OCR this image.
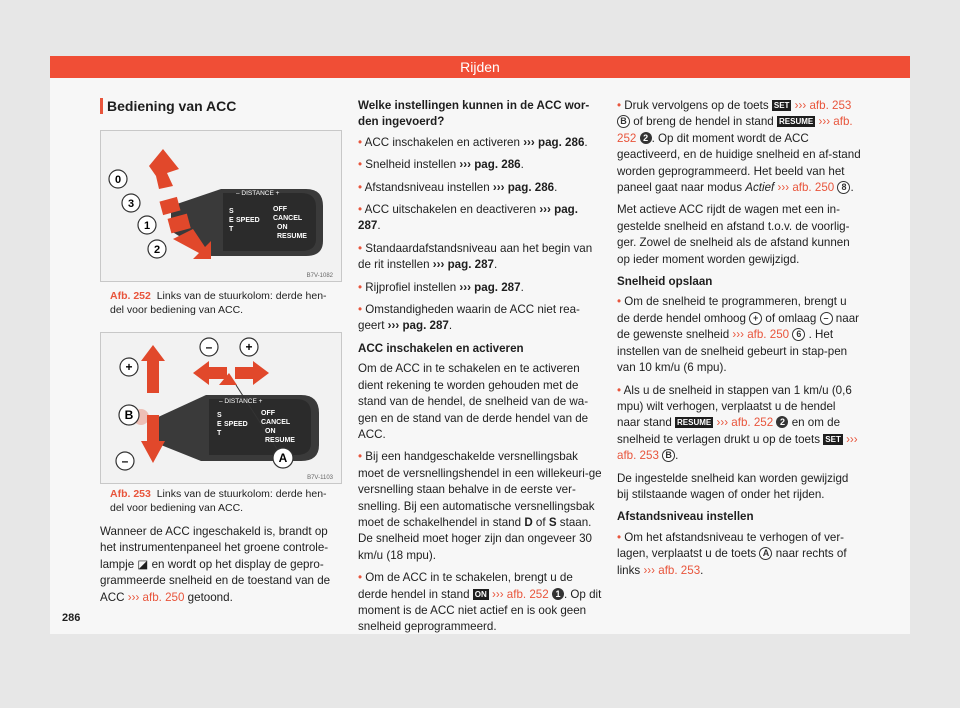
Rijden
Bediening van ACC
0
3
1
2
– DISTANCE +
S
E SPEED
T
OFF
CANCEL
ON
RESUME
B7V-1082
Afb. 252 Links van de stuurkolom: derde hen-del voor bediening van ACC.
–	+
+
B
–	A
– DISTANCE +
S
E SPEED
T
OFF
CANCEL
ON
RESUME
B7V-1103
Afb. 253 Links van de stuurkolom: derde hen-del voor bediening van ACC.

Wanneer de ACC ingeschakeld is, brandt op het instrumentenpaneel het groene controle-lampje ◪ en wordt op het display de gepro-grammeerde snelheid en de toestand van de ACC ››› afb. 250 getoond.

Welke instellingen kunnen in de ACC wor-den ingevoerd?

• ACC inschakelen en activeren ››› pag. 286.

• Snelheid instellen ››› pag. 286.

• Afstandsniveau instellen ››› pag. 286.

• ACC uitschakelen en deactiveren ››› pag. 287.

• Standaardafstandsniveau aan het begin van de rit instellen ››› pag. 287.

• Rijprofiel instellen ››› pag. 287.

• Omstandigheden waarin de ACC niet rea-geert ››› pag. 287.

ACC inschakelen en activeren

Om de ACC in te schakelen en te activeren dient rekening te worden gehouden met de stand van de hendel, de snelheid van de wa-gen en de stand van de derde hendel van de ACC.

• Bij een handgeschakelde versnellingsbak moet de versnellingshendel in een willekeuri-ge versnelling staan behalve in de eerste ver-snelling. Bij een automatische versnellingsbak moet de schakelhendel in stand D of S staan. De snelheid moet hoger zijn dan ongeveer 30 km/u (18 mpu).

• Om de ACC in te schakelen, brengt u de derde hendel in stand ON ››› afb. 252 1 . Op dit moment is de ACC niet actief en is ook geen snelheid geprogrammeerd.

• Druk vervolgens op de toets SET ››› afb. 253 B of breng de hendel in stand RESUME ››› afb. 252 2 . Op dit moment wordt de ACC geactiveerd, en de huidige snelheid en af-stand worden geprogrammeerd. Het beeld van het paneel gaat naar modus Actief ››› afb. 250 8 .

Met actieve ACC rijdt de wagen met een in-gestelde snelheid en afstand t.o.v. de voorlig-ger. Zowel de snelheid als de afstand kunnen op ieder moment worden gewijzigd.

Snelheid opslaan

• Om de snelheid te programmeren, brengt u de derde hendel omhoog + of omlaag – naar de gewenste snelheid ››› afb. 250 6 . Het instellen van de snelheid gebeurt in stap-pen van 10 km/u (6 mpu).

• Als u de snelheid in stappen van 1 km/u (0,6 mpu) wilt verhogen, verplaatst u de hendel naar stand RESUME ››› afb. 252 2 en om de snelheid te verlagen drukt u op de toets SET ››› afb. 253 B .

De ingestelde snelheid kan worden gewijzigd bij stilstaande wagen of onder het rijden.

Afstandsniveau instellen

• Om het afstandsniveau te verhogen of ver-lagen, verplaatst u de toets A naar rechts of links ››› afb. 253.

286
